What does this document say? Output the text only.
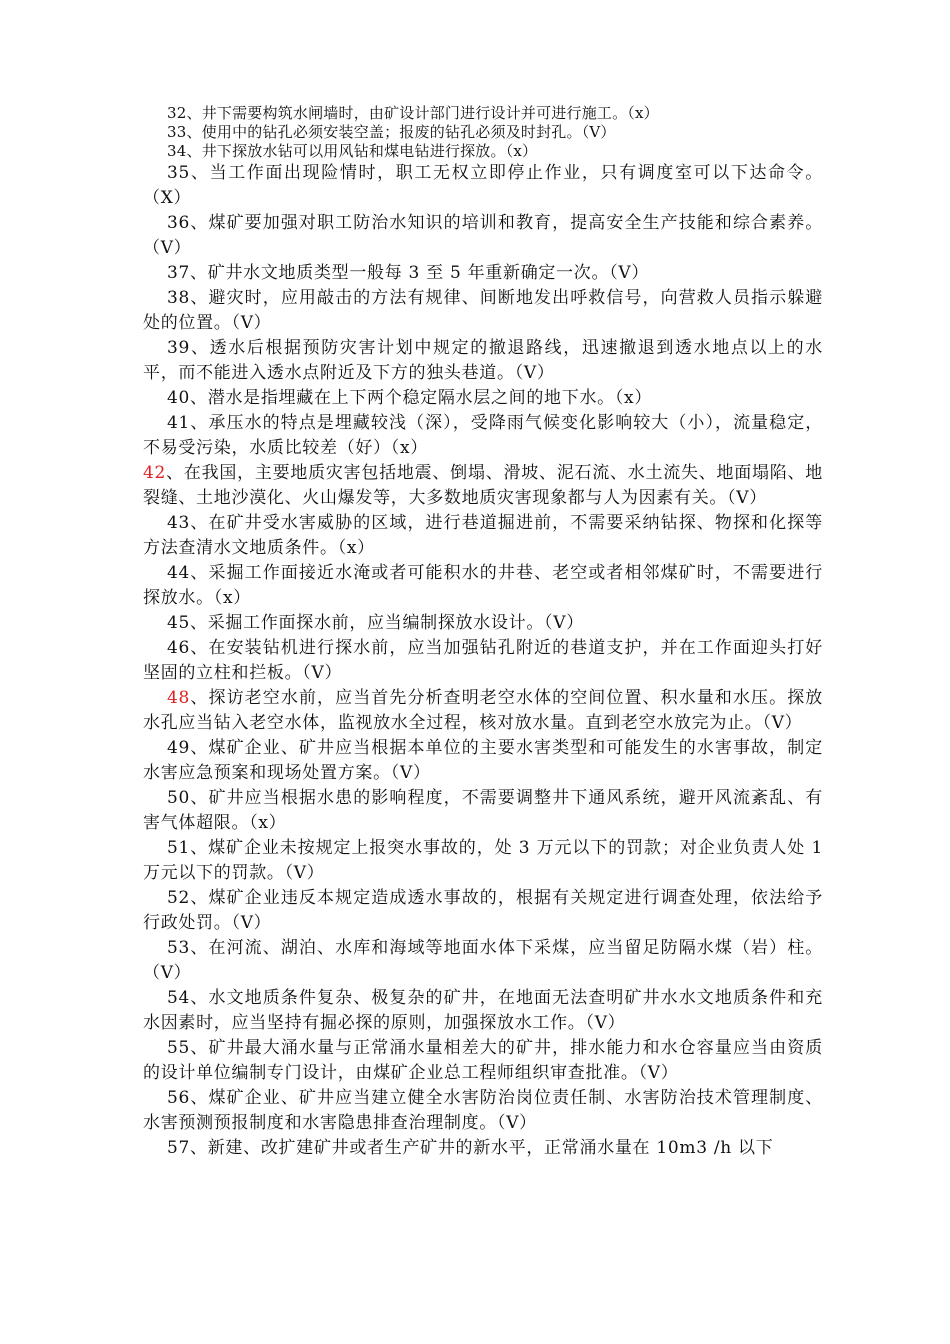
32、井下需要构筑水闸墙时，由矿设计部门进行设计并可进行施工。（x）

33、使用中的钻孔必须安装空盖；报废的钻孔必须及时封孔。（V）

34、井下探放水钻可以用风钻和煤电钻进行探放。（x）

35、当工作面出现险情时，职工无权立即停止作业，只有调度室可以下达命令。（X）

36、煤矿要加强对职工防治水知识的培训和教育，提高安全生产技能和综合素养。（V）

37、矿井水文地质类型一般每 3 至 5 年重新确定一次。（V）

38、避灾时，应用敲击的方法有规律、间断地发出呼救信号，向营救人员指示躲避处的位置。（V）

39、透水后根据预防灾害计划中规定的撤退路线，迅速撤退到透水地点以上的水平，而不能进入透水点附近及下方的独头巷道。（V）

40、潜水是指埋藏在上下两个稳定隔水层之间的地下水。（x）

41、承压水的特点是埋藏较浅（深），受降雨气候变化影响较大（小），流量稳定，不易受污染，水质比较差（好）（x）

42、在我国，主要地质灾害包括地震、倒塌、滑坡、泥石流、水土流失、地面塌陷、地裂缝、土地沙漠化、火山爆发等，大多数地质灾害现象都与人为因素有关。（V）

43、在矿井受水害威胁的区域，进行巷道掘进前，不需要采纳钻探、物探和化探等方法查清水文地质条件。（x）

44、采掘工作面接近水淹或者可能积水的井巷、老空或者相邻煤矿时，不需要进行探放水。（x）

45、采掘工作面探水前，应当编制探放水设计。（V）

46、在安装钻机进行探水前，应当加强钻孔附近的巷道支护，并在工作面迎头打好坚固的立柱和拦板。（V）

48、探访老空水前，应当首先分析查明老空水体的空间位置、积水量和水压。探放水孔应当钻入老空水体，监视放水全过程，核对放水量。直到老空水放完为止。（V）

49、煤矿企业、矿井应当根据本单位的主要水害类型和可能发生的水害事故，制定水害应急预案和现场处置方案。（V）

50、矿井应当根据水患的影响程度，不需要调整井下通风系统，避开风流紊乱、有害气体超限。（x）

51、煤矿企业未按规定上报突水事故的，处 3 万元以下的罚款；对企业负责人处 1 万元以下的罚款。（V）

52、煤矿企业违反本规定造成透水事故的，根据有关规定进行调查处理，依法给予行政处罚。（V）

53、在河流、湖泊、水库和海域等地面水体下采煤，应当留足防隔水煤（岩）柱。（V）

54、水文地质条件复杂、极复杂的矿井，在地面无法查明矿井水水文地质条件和充水因素时，应当坚持有掘必探的原则，加强探放水工作。（V）

55、矿井最大涌水量与正常涌水量相差大的矿井，排水能力和水仓容量应当由资质的设计单位编制专门设计，由煤矿企业总工程师组织审查批准。（V）

56、煤矿企业、矿井应当建立健全水害防治岗位责任制、水害防治技术管理制度、水害预测预报制度和水害隐患排查治理制度。（V）

57、新建、改扩建矿井或者生产矿井的新水平，正常涌水量在 10m3 /h 以下
